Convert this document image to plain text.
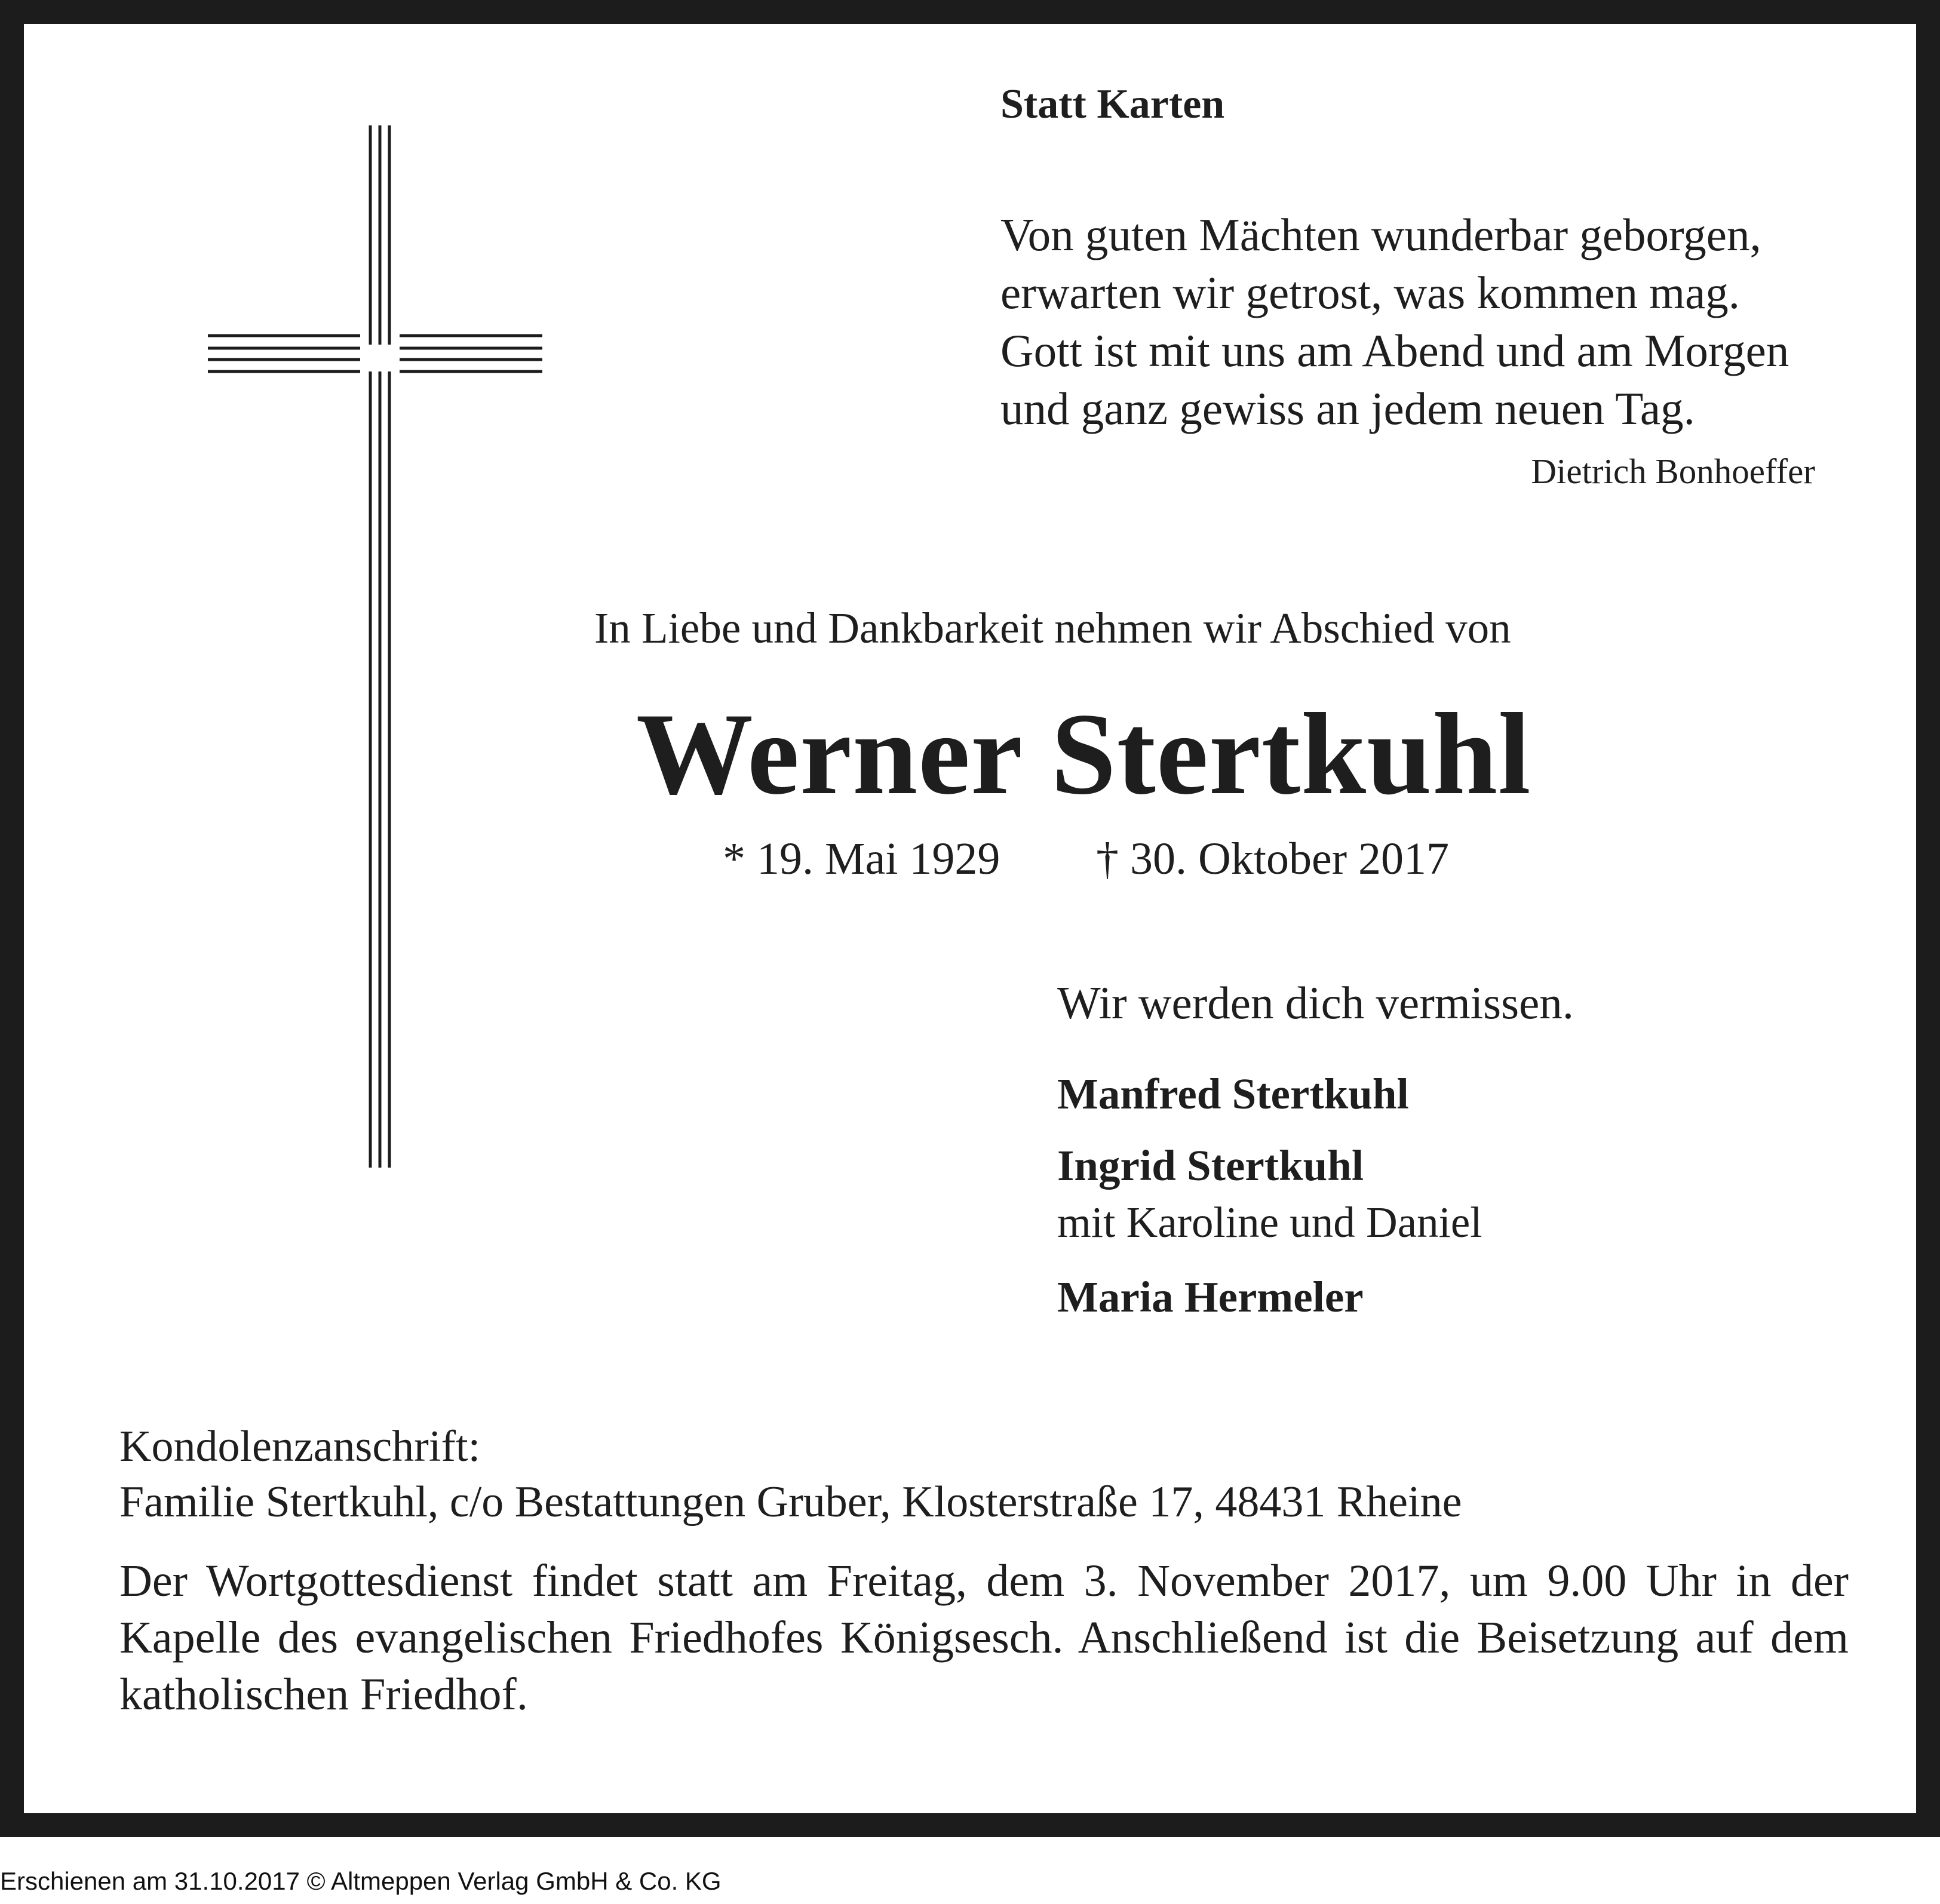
Statt Karten
Von guten Mächten wunderbar geborgen,
erwarten wir getrost, was kommen mag.
Gott ist mit uns am Abend und am Morgen
und ganz gewiss an jedem neuen Tag.
Dietrich Bonhoeffer
In Liebe und Dankbarkeit nehmen wir Abschied von
Werner Stertkuhl
* 19. Mai 1929 † 30. Oktober 2017
Wir werden dich vermissen.
Manfred Stertkuhl
Ingrid Stertkuhl
mit Karoline und Daniel
Maria Hermeler
Kondolenzanschrift:
Familie Stertkuhl, c/o Bestattungen Gruber, Klosterstraße 17, 48431 Rheine
Der Wortgottesdienst findet statt am Freitag, dem 3. November 2017, um 9.00 Uhr in der Kapelle des evangelischen Friedhofes Königsesch. Anschließend ist die Beisetzung auf dem katholischen Friedhof.
Erschienen am 31.10.2017 © Altmeppen Verlag GmbH & Co. KG
